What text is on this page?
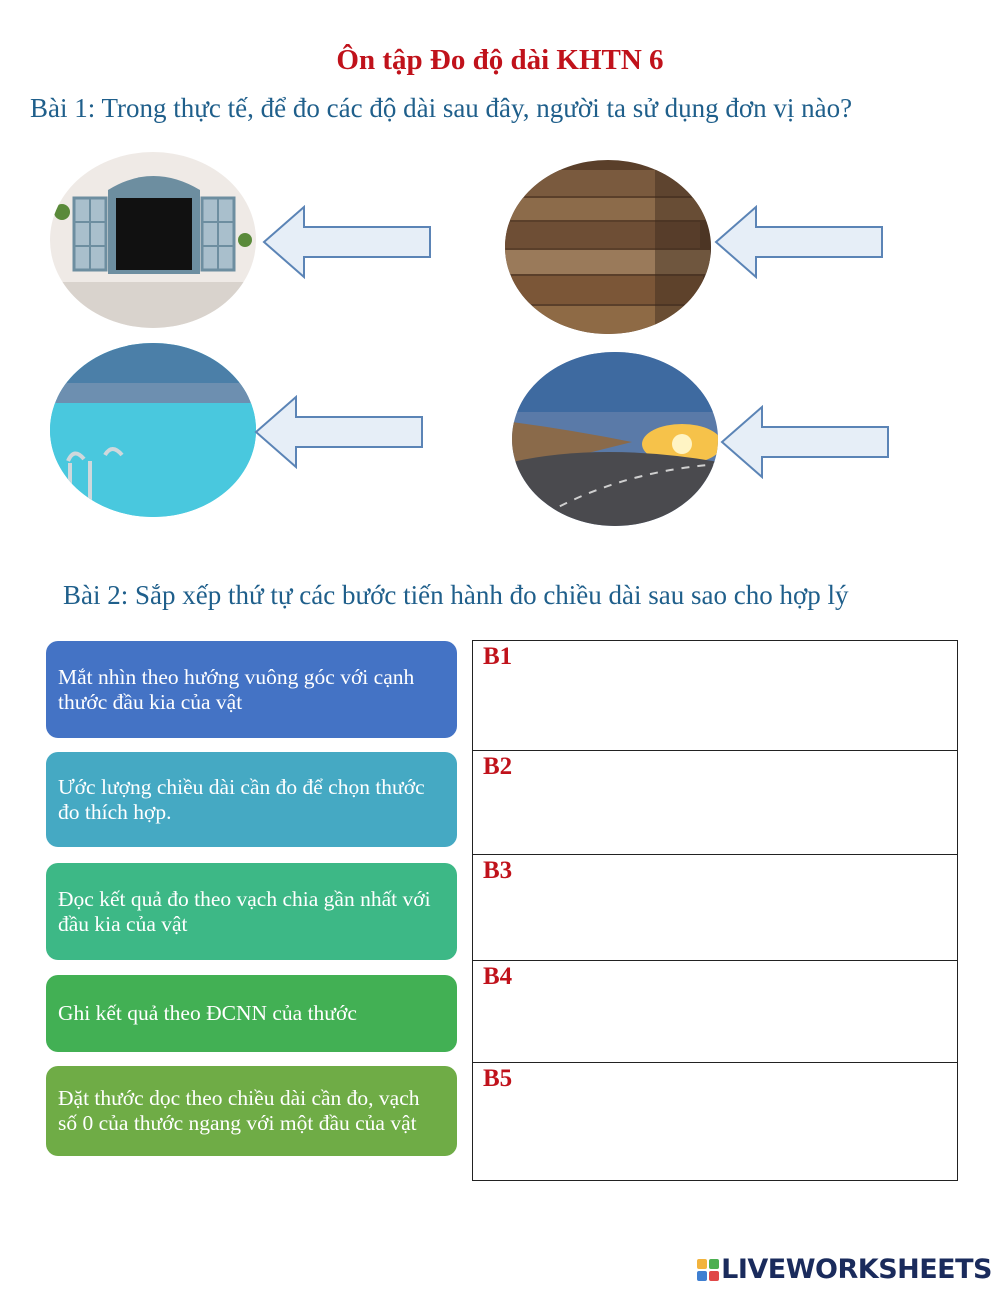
Ôn tập Đo độ dài KHTN 6
Bài 1: Trong thực tế, để đo các độ dài sau đây, người ta sử dụng đơn vị nào?
Bài 2: Sắp xếp thứ tự các bước tiến hành đo chiều dài sau sao cho hợp lý
Mắt nhìn theo hướng vuông góc với cạnh thước đầu kia của vật
Ước lượng chiều dài cần đo để chọn thước đo thích hợp.
Đọc kết quả đo theo vạch chia gần nhất với đầu kia của vật
Ghi kết quả theo ĐCNN của thước
Đặt thước dọc theo chiều dài cần đo, vạch số 0 của thước ngang với một đầu của vật
B1
B2
B3
B4
B5
LIVEWORKSHEETS
